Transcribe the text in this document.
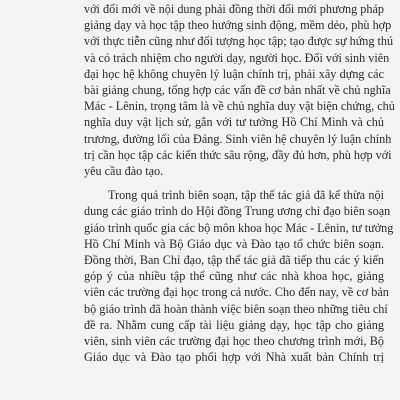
với đổi mới về nội dung phải đồng thời đổi mới phương pháp
giảng dạy và học tập theo hướng sinh động, mềm dẻo, phù hợp
với thực tiễn cũng như đối tượng học tập; tạo được sự hứng thú
và có trách nhiệm cho người dạy, người học. Đối với sinh viên
đại học hệ không chuyên lý luận chính trị, phải xây dựng các
bài giảng chung, tổng hợp các vấn đề cơ bản nhất về chủ nghĩa
Mác - Lênin, trọng tâm là về chủ nghĩa duy vật biện chứng, chủ
nghĩa duy vật lịch sử, gắn với tư tưởng Hồ Chí Minh và chủ
trương, đường lối của Đảng. Sinh viên hệ chuyên lý luận chính
trị cần học tập các kiến thức sâu rộng, đầy đủ hơn, phù hợp với
yêu cầu đào tạo.
Trong quá trình biên soạn, tập thể tác giả đã kế thừa nội
dung các giáo trình do Hội đồng Trung ương chỉ đạo biên soạn
giáo trình quốc gia các bộ môn khoa học Mác - Lênin, tư tưởng
Hồ Chí Minh và Bộ Giáo dục và Đào tạo tổ chức biên soạn.
Đồng thời, Ban Chỉ đạo, tập thể tác giả đã tiếp thu các ý kiến
góp ý của nhiều tập thể cũng như các nhà khoa học, giảng
viên các trường đại học trong cả nước. Cho đến nay, về cơ bản
bộ giáo trình đã hoàn thành việc biên soạn theo những tiêu chí
đề ra. Nhằm cung cấp tài liệu giảng dạy, học tập cho giảng
viên, sinh viên các trường đại học theo chương trình mới, Bộ
Giáo dục và Đào tạo phối hợp với Nhà xuất bản Chính trị
